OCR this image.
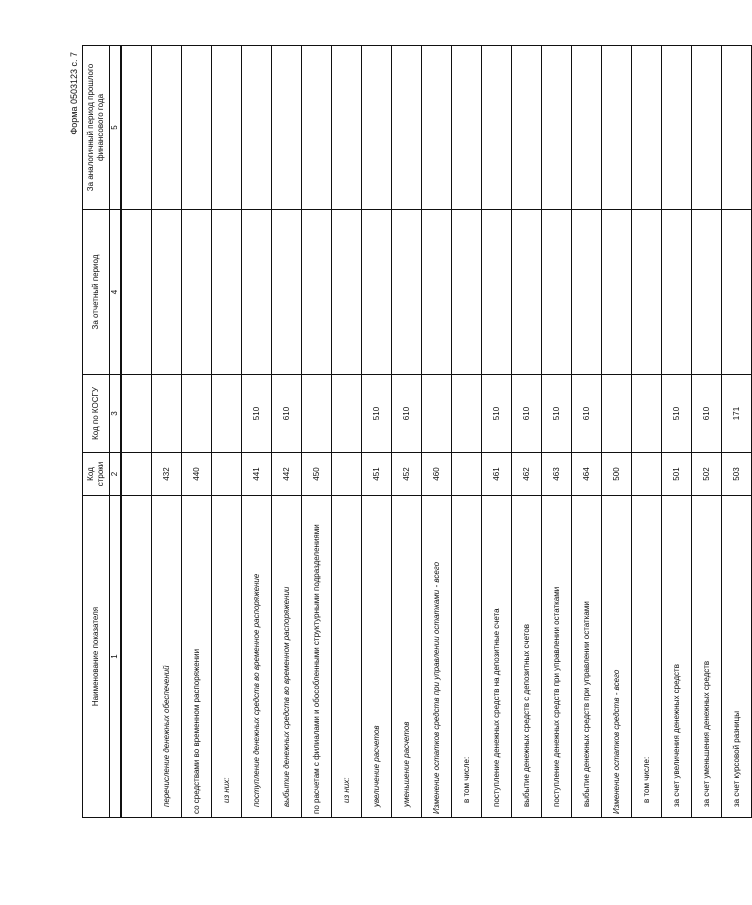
Форма 0503123 с. 7
Наименование показателя	Код строки	Код по КОСГУ	За отчетный период	За аналогичный период прошлого финансового года
1	2	3	4	5

перечисление денежных обеспечений	432			
со средствами во временном распоряжении	440			
из них:				
поступление денежных средств во временное распоряжение	441	510		
выбытие денежных средств во временном распоряжении	442	610		
по расчетам с филиалами и обособленными структурными подразделениями	450			
из них:				
увеличение расчетов	451	510		
уменьшение расчетов	452	610		
Изменение остатков средств при управлении остатками - всего	460			
в том числе:				
поступление денежных средств на депозитные счета	461	510		
выбытие денежных средств с депозитных счетов	462	610		
поступление денежных средств при управлении остатками	463	510		
выбытие денежных средств при управлении остатками	464	610		
Изменение остатков средств - всего	500			
в том числе:				
за счет увеличения денежных средств	501	510		
за счет уменьшения денежных средств	502	610		
за счет курсовой разницы	503	171		
